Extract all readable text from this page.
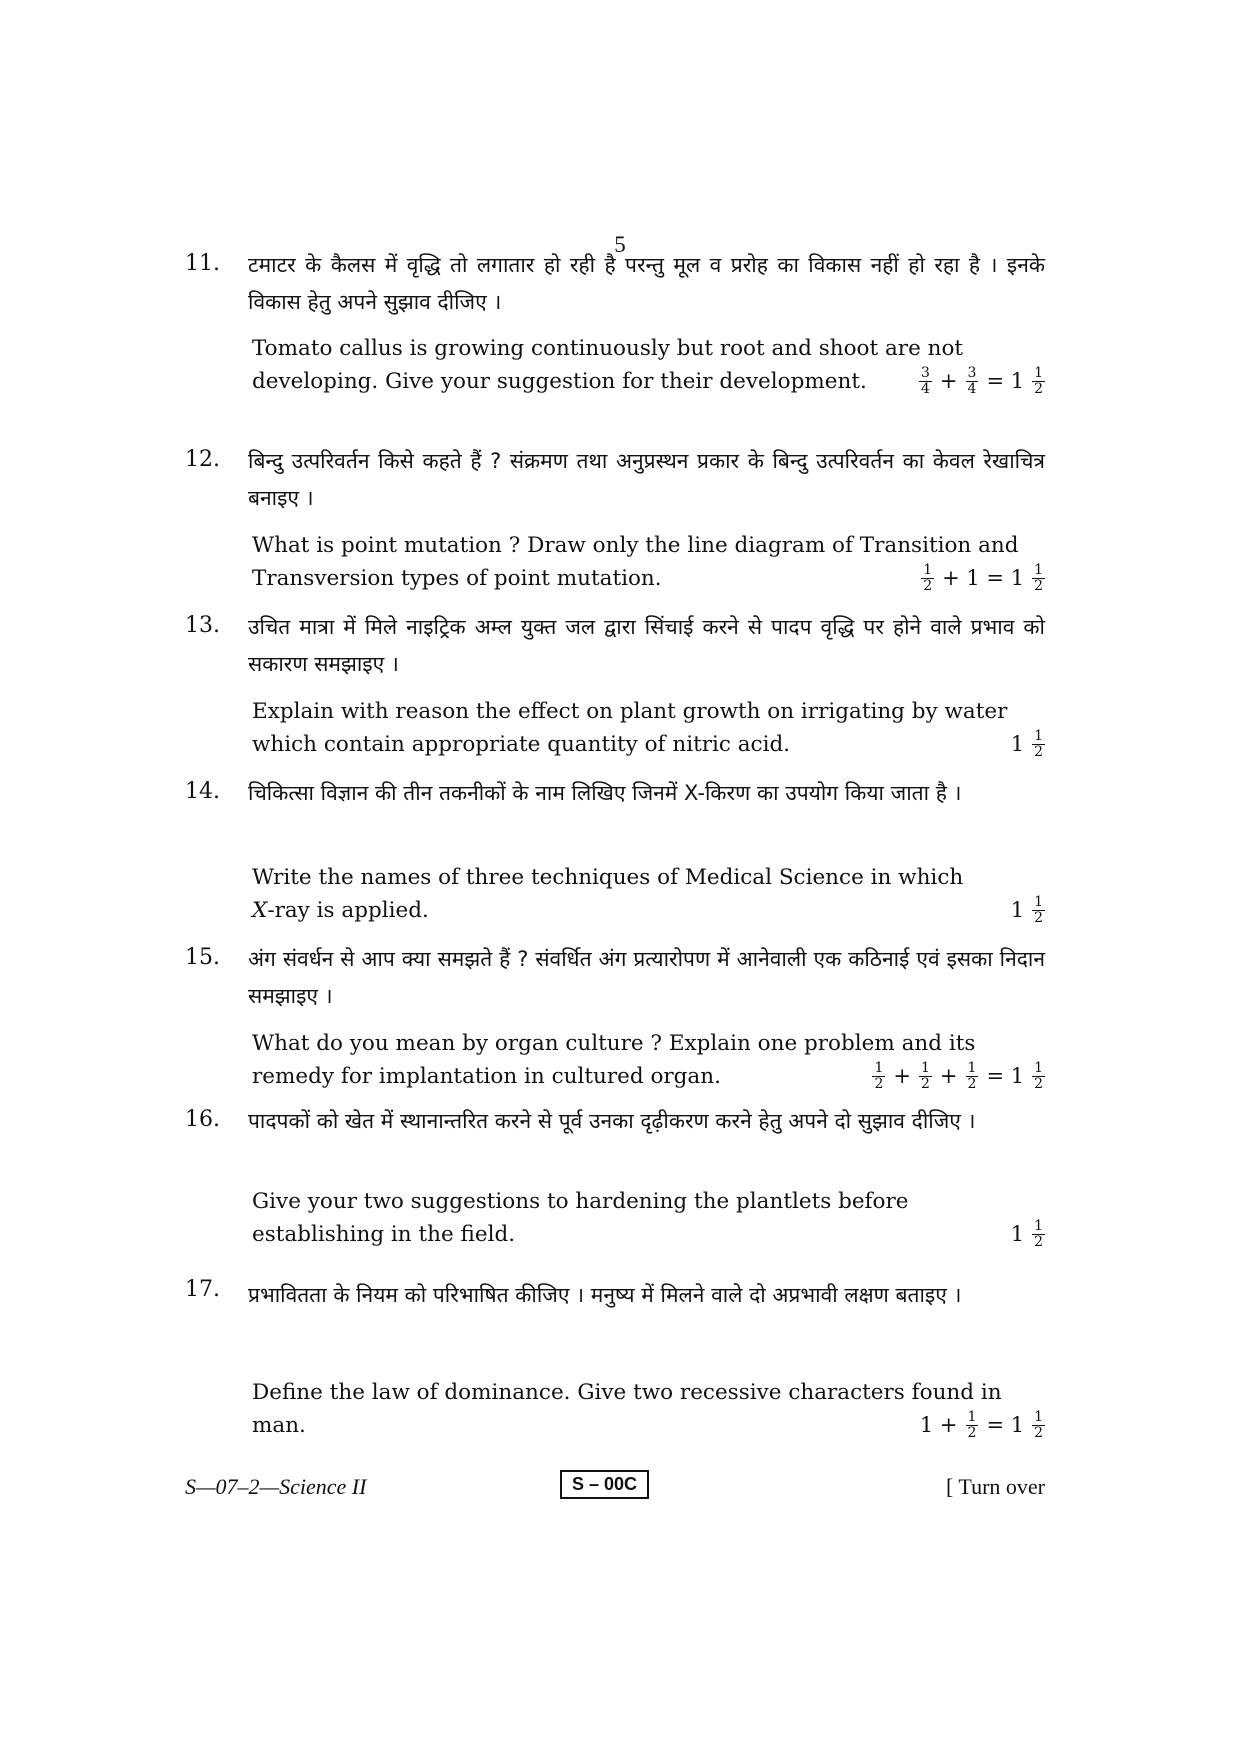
5
11. टमाटर के कैलस में वृद्धि तो लगातार हो रही है परन्तु मूल व प्ररोह का विकास नहीं हो रहा है । इनके विकास हेतु अपने सुझाव दीजिए ।
Tomato callus is growing continuously but root and shoot are not
developing. Give your suggestion for their development.	$\frac{3}{4} + \frac{3}{4} = 1 \frac{1}{2}$
12. बिन्दु उत्परिवर्तन किसे कहते हैं ? संक्रमण तथा अनुप्रस्थन प्रकार के बिन्दु उत्परिवर्तन का केवल रेखाचित्र बनाइए ।
What is point mutation ? Draw only the line diagram of Transition and
Transversion types of point mutation.	$\frac{1}{2} + 1 = 1 \frac{1}{2}$
13. उचित मात्रा में मिले नाइट्रिक अम्ल युक्त जल द्वारा सिंचाई करने से पादप वृद्धि पर होने वाले प्रभाव को सकारण समझाइए ।
Explain with reason the effect on plant growth on irrigating by water
which contain appropriate quantity of nitric acid.	$1 \frac{1}{2}$
14. चिकित्सा विज्ञान की तीन तकनीकों के नाम लिखिए जिनमें X-किरण का उपयोग किया जाता है ।
Write the names of three techniques of Medical Science in which
X-ray is applied.	$1 \frac{1}{2}$
15. अंग संवर्धन से आप क्या समझते हैं ? संवर्धित अंग प्रत्यारोपण में आनेवाली एक कठिनाई एवं इसका निदान समझाइए ।
What do you mean by organ culture ? Explain one problem and its
remedy for implantation in cultured organ.	$\frac{1}{2} + \frac{1}{2} + \frac{1}{2} = 1 \frac{1}{2}$
16. पादपकों को खेत में स्थानान्तरित करने से पूर्व उनका दृढ़ीकरण करने हेतु अपने दो सुझाव दीजिए ।
Give your two suggestions to hardening the plantlets before
establishing in the field.	$1 \frac{1}{2}$
17. प्रभावितता के नियम को परिभाषित कीजिए । मनुष्य में मिलने वाले दो अप्रभावी लक्षण बताइए ।
Define the law of dominance. Give two recessive characters found in
man.	$1 + \frac{1}{2} = 1 \frac{1}{2}$
S—07–2—Science II	S – 00C	[ Turn over
